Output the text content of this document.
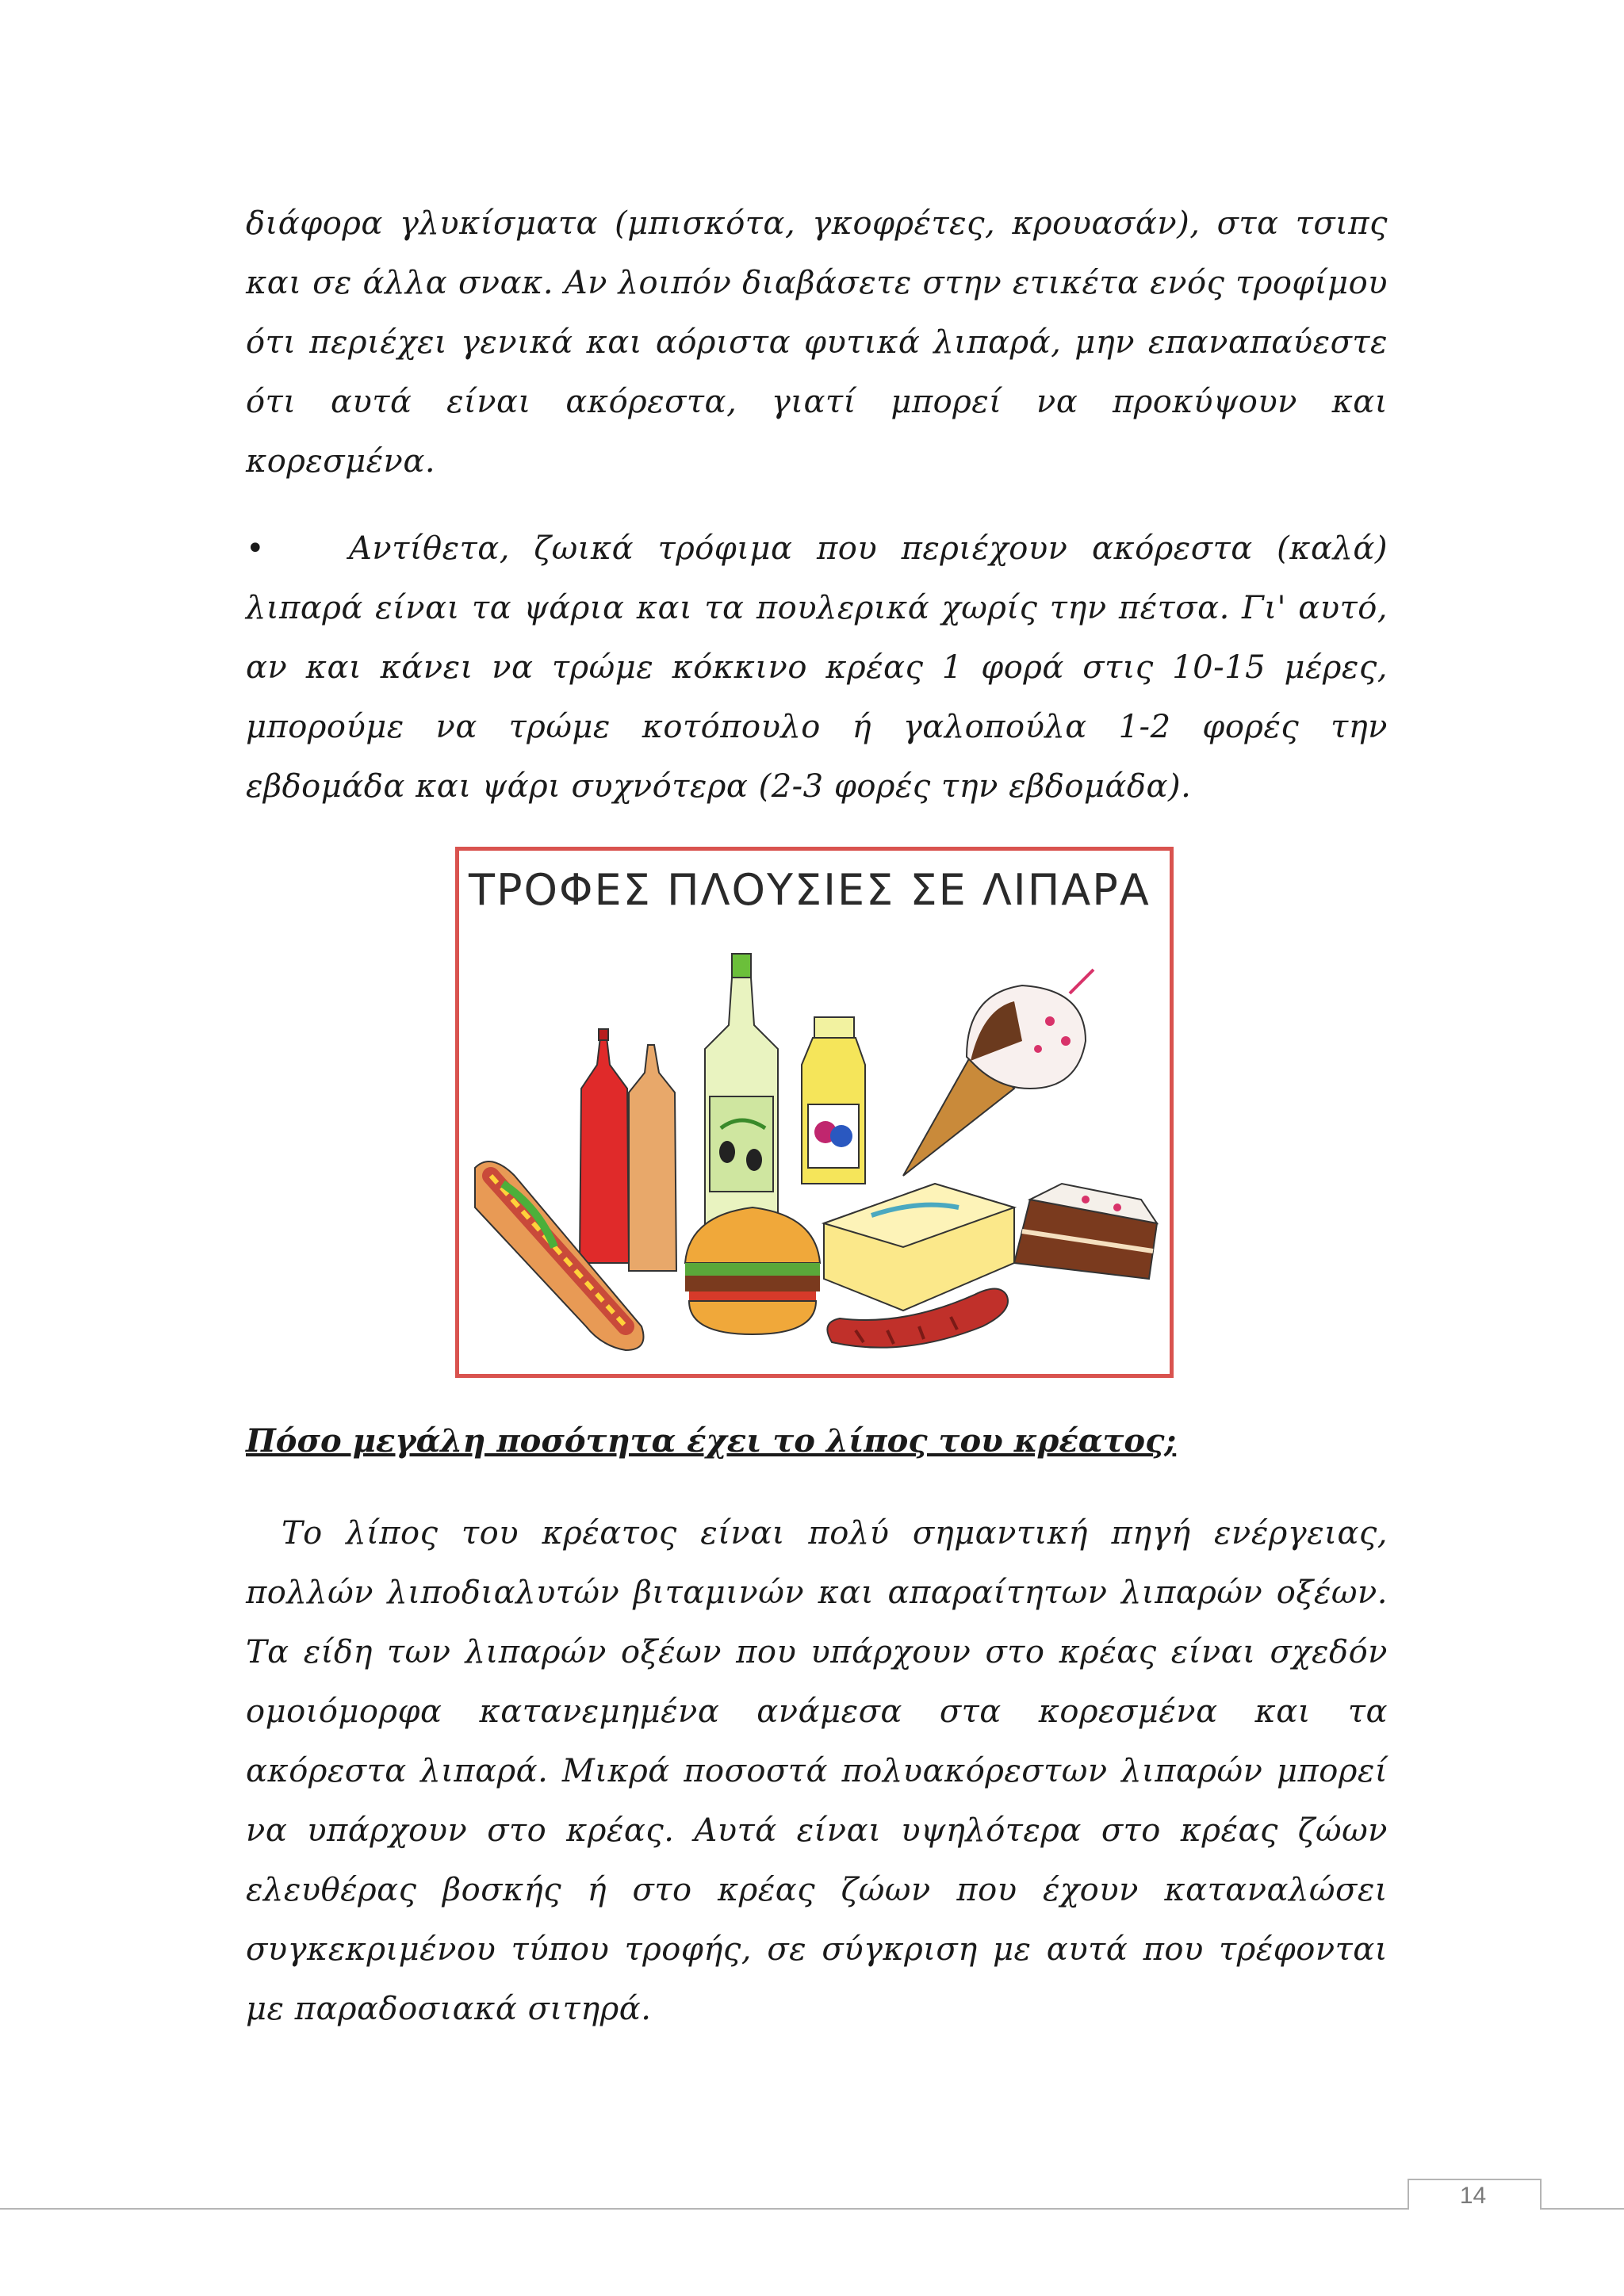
διάφορα γλυκίσματα (μπισκότα, γκοφρέτες, κρουασάν), στα τσιπς και σε άλλα σνακ. Αν λοιπόν διαβάσετε στην ετικέτα ενός τροφίμου ότι περιέχει γενικά και αόριστα φυτικά λιπαρά, μην επαναπαύεστε ότι αυτά είναι ακόρεστα, γιατί μπορεί να προκύψουν και κορεσμένα.
•	Αντίθετα, ζωικά τρόφιμα που περιέχουν ακόρεστα (καλά) λιπαρά είναι τα ψάρια και τα πουλερικά χωρίς την πέτσα. Γι' αυτό, αν και κάνει να τρώμε κόκκινο κρέας 1 φορά στις 10-15 μέρες, μπορούμε να τρώμε κοτόπουλο ή γαλοπούλα 1-2 φορές την εβδομάδα και ψάρι συχνότερα (2-3 φορές την εβδομάδα).
ΤΡΟΦΕΣ ΠΛΟΥΣΙΕΣ ΣΕ ΛΙΠΑΡΑ
Πόσο μεγάλη ποσότητα έχει το λίπος του κρέατος;
Το λίπος του κρέατος είναι πολύ σημαντική πηγή ενέργειας, πολλών λιποδιαλυτών βιταμινών και απαραίτητων λιπαρών οξέων. Τα είδη των λιπαρών οξέων που υπάρχουν στο κρέας είναι σχεδόν ομοιόμορφα κατανεμημένα ανάμεσα στα κορεσμένα και τα ακόρεστα λιπαρά. Μικρά ποσοστά πολυακόρεστων λιπαρών μπορεί να υπάρχουν στο κρέας. Αυτά είναι υψηλότερα στο κρέας ζώων ελευθέρας βοσκής ή στο κρέας ζώων που έχουν καταναλώσει συγκεκριμένου τύπου τροφής, σε σύγκριση με αυτά που τρέφονται με παραδοσιακά σιτηρά.
14
